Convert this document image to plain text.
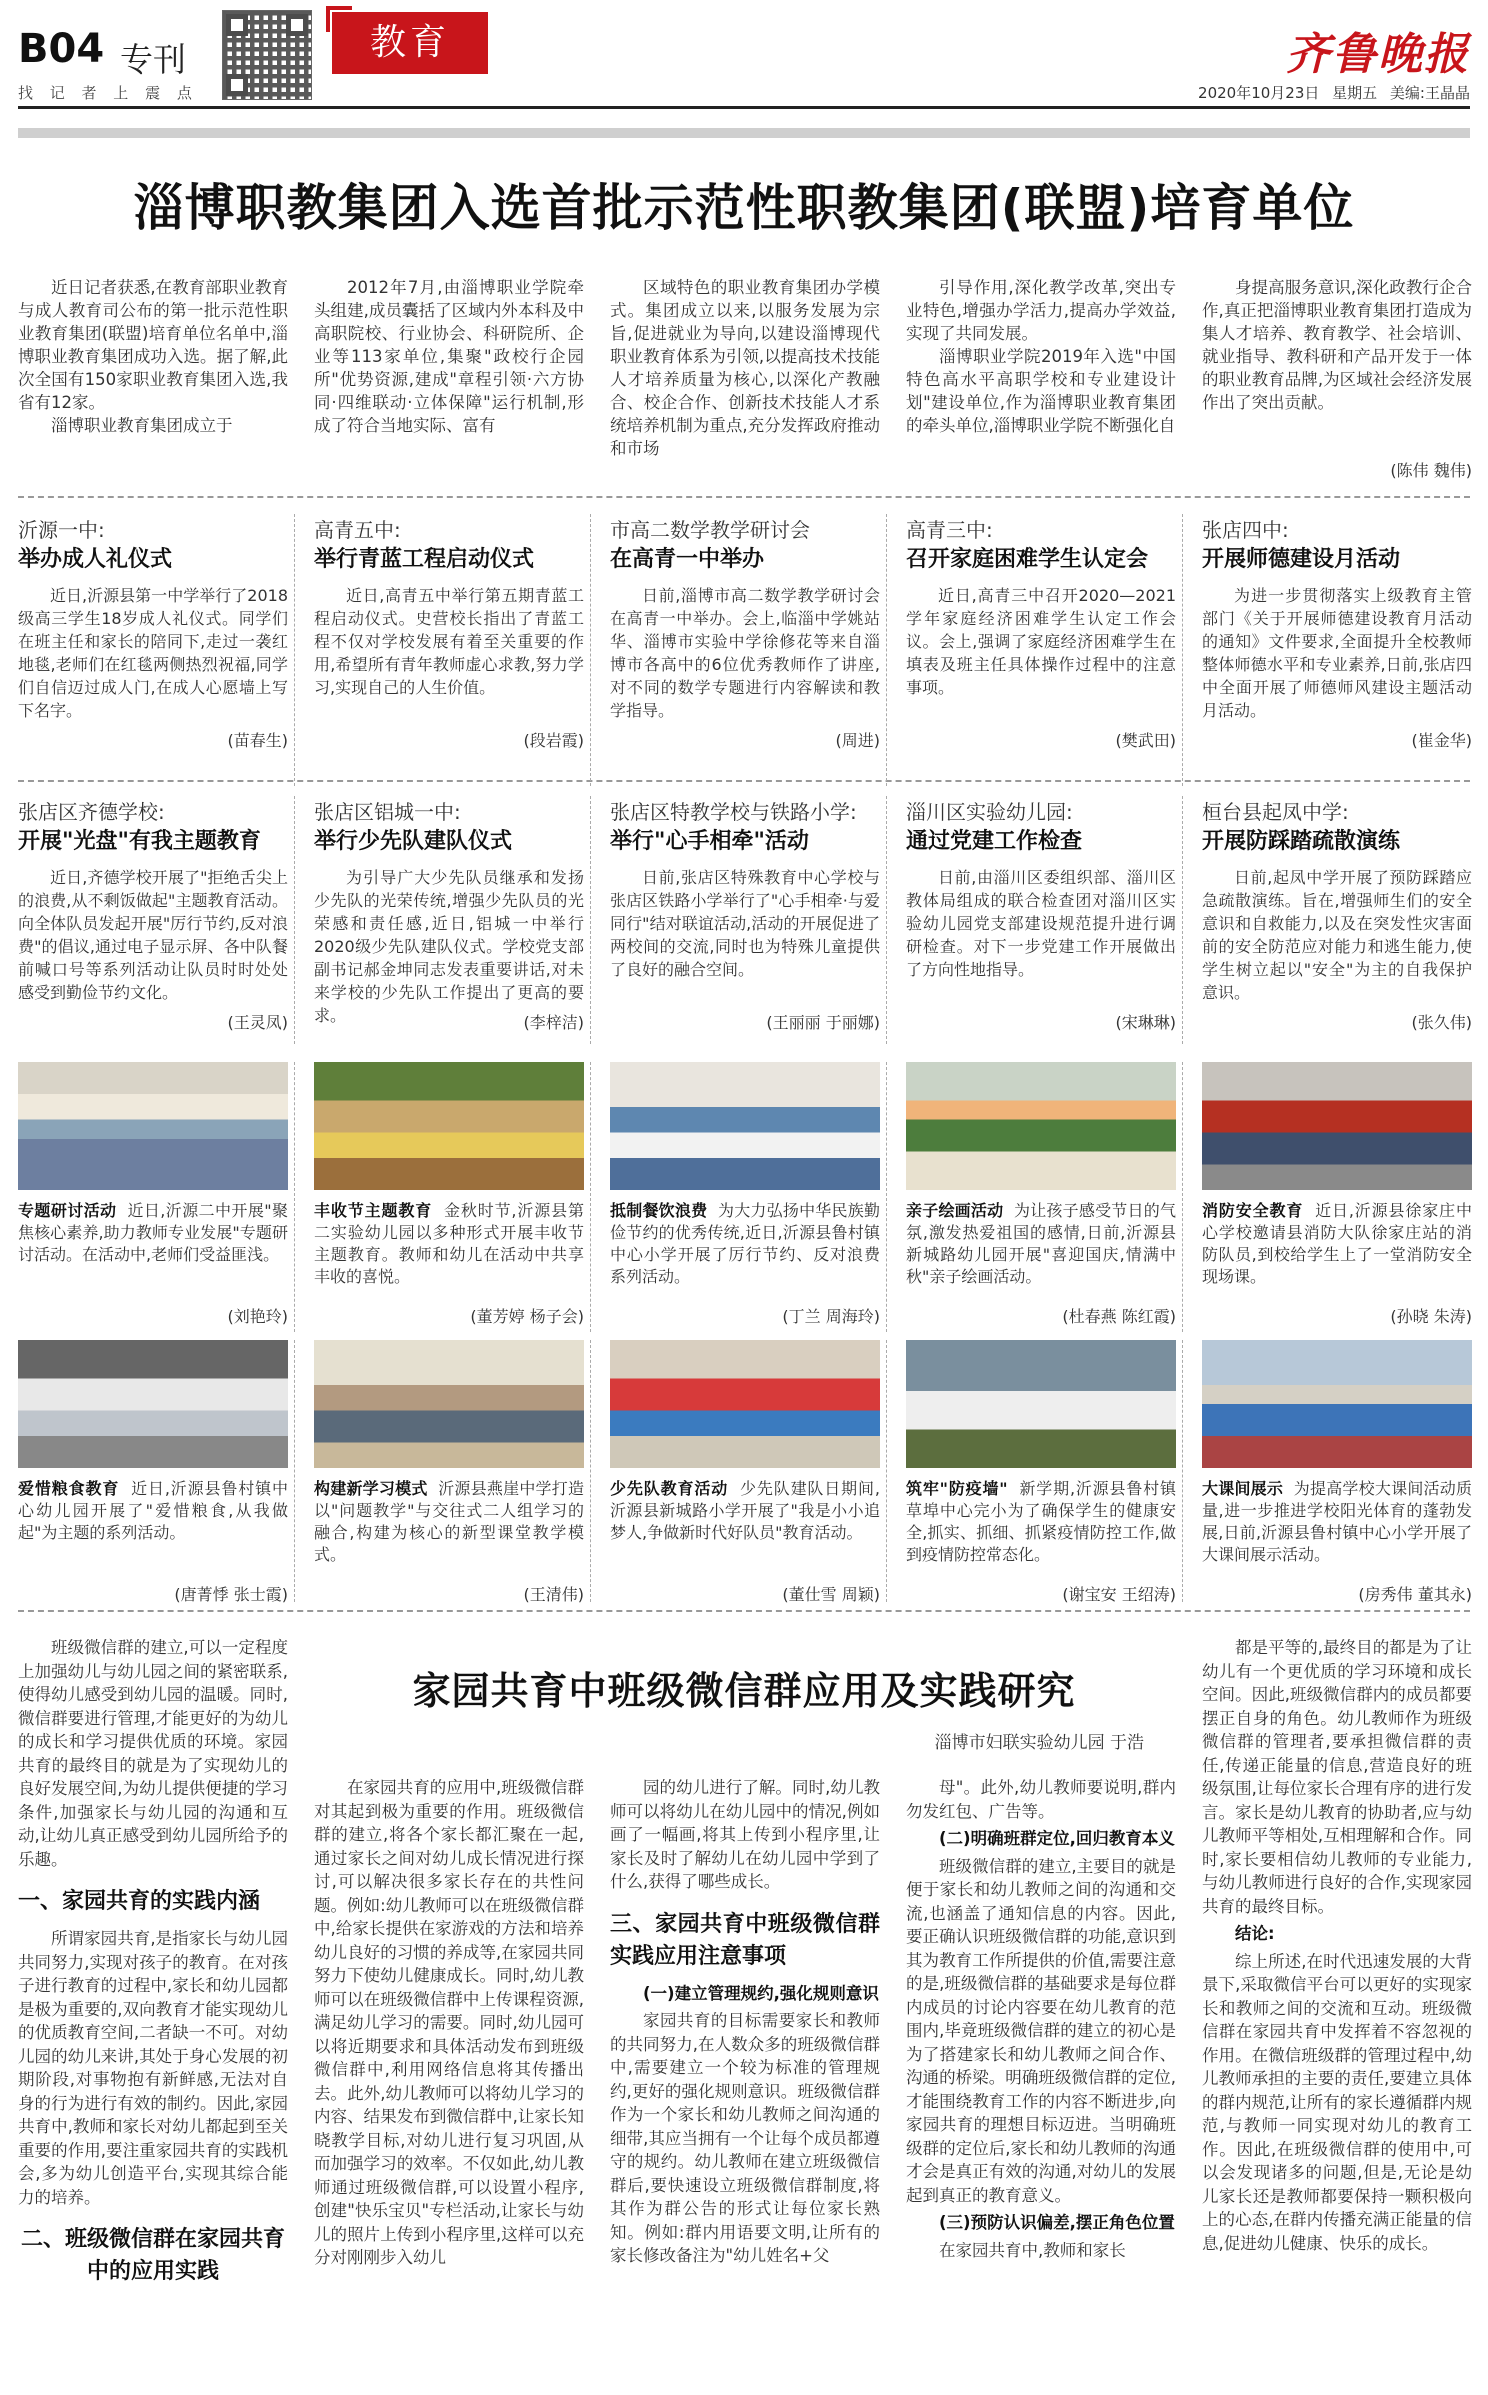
B04 专刊
找 记 者 上 震 点
教育	齐鲁晚报
2020年10月23日 星期五 美编:王晶晶
淄博职教集团入选首批示范性职教集团(联盟)培育单位
近日记者获悉,在教育部职业教育与成人教育司公布的第一批示范性职业教育集团(联盟)培育单位名单中,淄博职业教育集团成功入选。据了解,此次全国有150家职业教育集团入选,我省有12家。
淄博职业教育集团成立于
2012年7月,由淄博职业学院牵头组建,成员囊括了区域内外本科及中高职院校、行业协会、科研院所、企业等113家单位,集聚"政校行企园所"优势资源,建成"章程引领·六方协同·四维联动·立体保障"运行机制,形成了符合当地实际、富有
区域特色的职业教育集团办学模式。集团成立以来,以服务发展为宗旨,促进就业为导向,以建设淄博现代职业教育体系为引领,以提高技术技能人才培养质量为核心,以深化产教融合、校企合作、创新技术技能人才系统培养机制为重点,充分发挥政府推动和市场
引导作用,深化教学改革,突出专业特色,增强办学活力,提高办学效益,实现了共同发展。
淄博职业学院2019年入选"中国特色高水平高职学校和专业建设计划"建设单位,作为淄博职业教育集团的牵头单位,淄博职业学院不断强化自
身提高服务意识,深化政教行企合作,真正把淄博职业教育集团打造成为集人才培养、教育教学、社会培训、就业指导、教科研和产品开发于一体的职业教育品牌,为区域社会经济发展作出了突出贡献。
(陈伟 魏伟)
沂源一中:
举办成人礼仪式
近日,沂源县第一中学举行了2018级高三学生18岁成人礼仪式。同学们在班主任和家长的陪同下,走过一袭红地毯,老师们在红毯两侧热烈祝福,同学们自信迈过成人门,在成人心愿墙上写下名字。
(苗春生)
高青五中:
举行青蓝工程启动仪式
近日,高青五中举行第五期青蓝工程启动仪式。史营校长指出了青蓝工程不仅对学校发展有着至关重要的作用,希望所有青年教师虚心求教,努力学习,实现自己的人生价值。
(段岩霞)
市高二数学教学研讨会
在高青一中举办
日前,淄博市高二数学教学研讨会在高青一中举办。会上,临淄中学姚站华、淄博市实验中学徐修花等来自淄博市各高中的6位优秀教师作了讲座,对不同的数学专题进行内容解读和教学指导。
(周进)
高青三中:
召开家庭困难学生认定会
近日,高青三中召开2020—2021学年家庭经济困难学生认定工作会议。会上,强调了家庭经济困难学生在填表及班主任具体操作过程中的注意事项。
(樊武田)
张店四中:
开展师德建设月活动
为进一步贯彻落实上级教育主管部门《关于开展师德建设教育月活动的通知》文件要求,全面提升全校教师整体师德水平和专业素养,日前,张店四中全面开展了师德师风建设主题活动月活动。
(崔金华)
张店区齐德学校:
开展"光盘"有我主题教育
近日,齐德学校开展了"拒绝舌尖上的浪费,从不剩饭做起"主题教育活动。向全体队员发起开展"厉行节约,反对浪费"的倡议,通过电子显示屏、各中队餐前喊口号等系列活动让队员时时处处感受到勤俭节约文化。
(王灵凤)
张店区铝城一中:
举行少先队建队仪式
为引导广大少先队员继承和发扬少先队的光荣传统,增强少先队员的光荣感和责任感,近日,铝城一中举行2020级少先队建队仪式。学校党支部副书记郝金坤同志发表重要讲话,对未来学校的少先队工作提出了更高的要求。	(李梓洁)
张店区特教学校与铁路小学:
举行"心手相牵"活动
日前,张店区特殊教育中心学校与张店区铁路小学举行了"心手相牵·与爱同行"结对联谊活动,活动的开展促进了两校间的交流,同时也为特殊儿童提供了良好的融合空间。
(王丽丽 于丽娜)
淄川区实验幼儿园:
通过党建工作检查
日前,由淄川区委组织部、淄川区教体局组成的联合检查团对淄川区实验幼儿园党支部建设规范提升进行调研检查。对下一步党建工作开展做出了方向性地指导。
(宋琳琳)
桓台县起凤中学:
开展防踩踏疏散演练
日前,起凤中学开展了预防踩踏应急疏散演练。旨在,增强师生们的安全意识和自救能力,以及在突发性灾害面前的安全防范应对能力和逃生能力,使学生树立起以"安全"为主的自我保护意识。
(张久伟)
专题研讨活动 近日,沂源二中开展"聚焦核心素养,助力教师专业发展"专题研讨活动。在活动中,老师们受益匪浅。
(刘艳玲)
丰收节主题教育 金秋时节,沂源县第二实验幼儿园以多种形式开展丰收节主题教育。教师和幼儿在活动中共享丰收的喜悦。
(董芳婷 杨子会)
抵制餐饮浪费 为大力弘扬中华民族勤俭节约的优秀传统,近日,沂源县鲁村镇中心小学开展了厉行节约、反对浪费系列活动。
(丁兰 周海玲)
亲子绘画活动 为让孩子感受节日的气氛,激发热爱祖国的感情,日前,沂源县新城路幼儿园开展"喜迎国庆,情满中秋"亲子绘画活动。
(杜春燕 陈红霞)
消防安全教育 近日,沂源县徐家庄中心学校邀请县消防大队徐家庄站的消防队员,到校给学生上了一堂消防安全现场课。
(孙晓 朱涛)
爱惜粮食教育 近日,沂源县鲁村镇中心幼儿园开展了"爱惜粮食,从我做起"为主题的系列活动。
(唐菁悸 张士霞)
构建新学习模式 沂源县燕崖中学打造以"问题教学"与交往式二人组学习的融合,构建为核心的新型课堂教学模式。
(王清伟)
少先队教育活动 少先队建队日期间,沂源县新城路小学开展了"我是小小追梦人,争做新时代好队员"教育活动。
(董仕雪 周颖)
筑牢"防疫墙" 新学期,沂源县鲁村镇草埠中心完小为了确保学生的健康安全,抓实、抓细、抓紧疫情防控工作,做到疫情防控常态化。
(谢宝安 王绍涛)
大课间展示 为提高学校大课间活动质量,进一步推进学校阳光体育的蓬勃发展,日前,沂源县鲁村镇中心小学开展了大课间展示活动。
(房秀伟 董其永)
家园共育中班级微信群应用及实践研究
淄博市妇联实验幼儿园 于浩

班级微信群的建立,可以一定程度上加强幼儿与幼儿园之间的紧密联系,使得幼儿感受到幼儿园的温暖。同时,微信群要进行管理,才能更好的为幼儿的成长和学习提供优质的环境。家园共育的最终目的就是为了实现幼儿的良好发展空间,为幼儿提供便捷的学习条件,加强家长与幼儿园的沟通和互动,让幼儿真正感受到幼儿园所给予的乐趣。

一、家园共育的实践内涵

所谓家园共育,是指家长与幼儿园共同努力,实现对孩子的教育。在对孩子进行教育的过程中,家长和幼儿园都是极为重要的,双向教育才能实现幼儿的优质教育空间,二者缺一不可。对幼儿园的幼儿来讲,其处于身心发展的初期阶段,对事物抱有新鲜感,无法对自身的行为进行有效的制约。因此,家园共育中,教师和家长对幼儿都起到至关重要的作用,要注重家园共育的实践机会,多为幼儿创造平台,实现其综合能力的培养。

二、班级微信群在家园共育中的应用实践

在家园共育的应用中,班级微信群对其起到极为重要的作用。班级微信群的建立,将各个家长都汇聚在一起,通过家长之间对幼儿成长情况进行探讨,可以解决很多家长存在的共性问题。例如:幼儿教师可以在班级微信群中,给家长提供在家游戏的方法和培养幼儿良好的习惯的养成等,在家园共同努力下使幼儿健康成长。同时,幼儿教师可以在班级微信群中上传课程资源,满足幼儿学习的需要。同时,幼儿园可以将近期要求和具体活动发布到班级微信群中,利用网络信息将其传播出去。此外,幼儿教师可以将幼儿学习的内容、结果发布到微信群中,让家长知晓教学目标,对幼儿进行复习巩固,从而加强学习的效率。不仅如此,幼儿教师通过班级微信群,可以设置小程序,创建"快乐宝贝"专栏活动,让家长与幼儿的照片上传到小程序里,这样可以充分对刚刚步入幼儿

园的幼儿进行了解。同时,幼儿教师可以将幼儿在幼儿园中的情况,例如画了一幅画,将其上传到小程序里,让家长及时了解幼儿在幼儿园中学到了什么,获得了哪些成长。

三、家园共育中班级微信群实践应用注意事项
(一)建立管理规约,强化规则意识

家园共育的目标需要家长和教师的共同努力,在人数众多的班级微信群中,需要建立一个较为标准的管理规约,更好的强化规则意识。班级微信群作为一个家长和幼儿教师之间沟通的细带,其应当拥有一个让每个成员都遵守的规约。幼儿教师在建立班级微信群后,要快速设立班级微信群制度,将其作为群公告的形式让每位家长熟知。例如:群内用语要文明,让所有的家长修改备注为"幼儿姓名+父

母"。此外,幼儿教师要说明,群内勿发红包、广告等。

(二)明确班群定位,回归教育本义

班级微信群的建立,主要目的就是便于家长和幼儿教师之间的沟通和交流,也涵盖了通知信息的内容。因此,要正确认识班级微信群的功能,意识到其为教育工作所提供的价值,需要注意的是,班级微信群的基础要求是每位群内成员的讨论内容要在幼儿教育的范围内,毕竟班级微信群的建立的初心是为了搭建家长和幼儿教师之间合作、沟通的桥梁。明确班级微信群的定位,才能围绕教育工作的内容不断进步,向家园共育的理想目标迈进。当明确班级群的定位后,家长和幼儿教师的沟通才会是真正有效的沟通,对幼儿的发展起到真正的教育意义。

(三)预防认识偏差,摆正角色位置

在家园共育中,教师和家长

都是平等的,最终目的都是为了让幼儿有一个更优质的学习环境和成长空间。因此,班级微信群内的成员都要摆正自身的角色。幼儿教师作为班级微信群的管理者,要承担微信群的责任,传递正能量的信息,营造良好的班级氛围,让每位家长合理有序的进行发言。家长是幼儿教育的协助者,应与幼儿教师平等相处,互相理解和合作。同时,家长要相信幼儿教师的专业能力,与幼儿教师进行良好的合作,实现家园共育的最终目标。

结论:

综上所述,在时代迅速发展的大背景下,采取微信平台可以更好的实现家长和教师之间的交流和互动。班级微信群在家园共育中发挥着不容忽视的作用。在微信班级群的管理过程中,幼儿教师承担的主要的责任,要建立具体的群内规范,让所有的家长遵循群内规范,与教师一同实现对幼儿的教育工作。因此,在班级微信群的使用中,可以会发现诸多的问题,但是,无论是幼儿家长还是教师都要保持一颗积极向上的心态,在群内传播充满正能量的信息,促进幼儿健康、快乐的成长。
